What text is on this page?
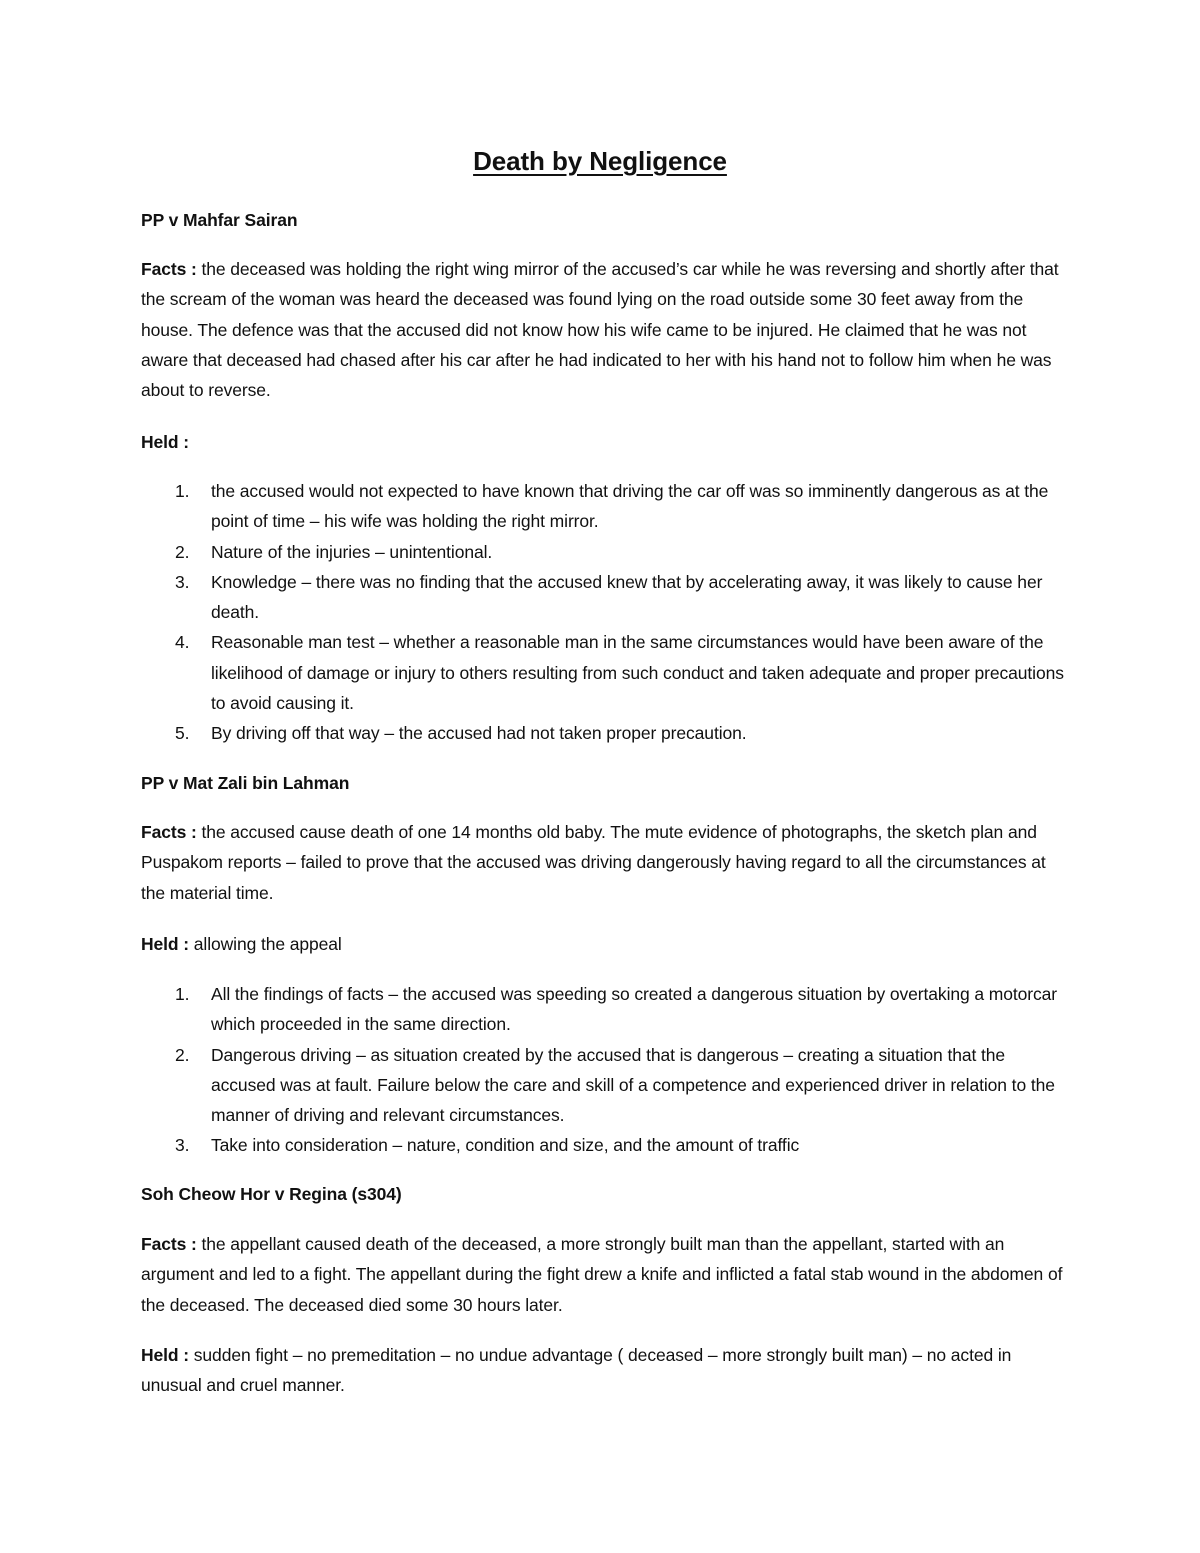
Death by Negligence

PP v Mahfar Sairan

Facts : the deceased was holding the right wing mirror of the accused’s car while he was reversing and shortly after that the scream of the woman was heard the deceased was found lying on the road outside some 30 feet away from the house. The defence was that the accused did not know how his wife came to be injured. He claimed that he was not aware that deceased had chased after his car after he had indicated to her with his hand not to follow him when he was about to reverse.

Held :

1. the accused would not expected to have known that driving the car off was so imminently dangerous as at the point of time – his wife was holding the right mirror.
2. Nature of the injuries – unintentional.
3. Knowledge – there was no finding that the accused knew that by accelerating away, it was likely to cause her death.
4. Reasonable man test – whether a reasonable man in the same circumstances would have been aware of the likelihood of damage or injury to others resulting from such conduct and taken adequate and proper precautions to avoid causing it.
5. By driving off that way – the accused had not taken proper precaution.

PP v Mat Zali bin Lahman

Facts : the accused cause death of one 14 months old baby. The mute evidence of photographs, the sketch plan and Puspakom reports – failed to prove that the accused was driving dangerously having regard to all the circumstances at the material time.

Held : allowing the appeal

1. All the findings of facts – the accused was speeding so created a dangerous situation by overtaking a motorcar which proceeded in the same direction.
2. Dangerous driving – as situation created by the accused that is dangerous – creating a situation that the accused was at fault. Failure below the care and skill of a competence and experienced driver in relation to the manner of driving and relevant circumstances.
3. Take into consideration – nature, condition and size, and the amount of traffic

Soh Cheow Hor v Regina (s304)

Facts : the appellant caused death of the deceased, a more strongly built man than the appellant, started with an argument and led to a fight. The appellant during the fight drew a knife and inflicted a fatal stab wound in the abdomen of the deceased. The deceased died some 30 hours later.

Held : sudden fight – no premeditation – no undue advantage ( deceased – more strongly built man) – no acted in unusual and cruel manner.
